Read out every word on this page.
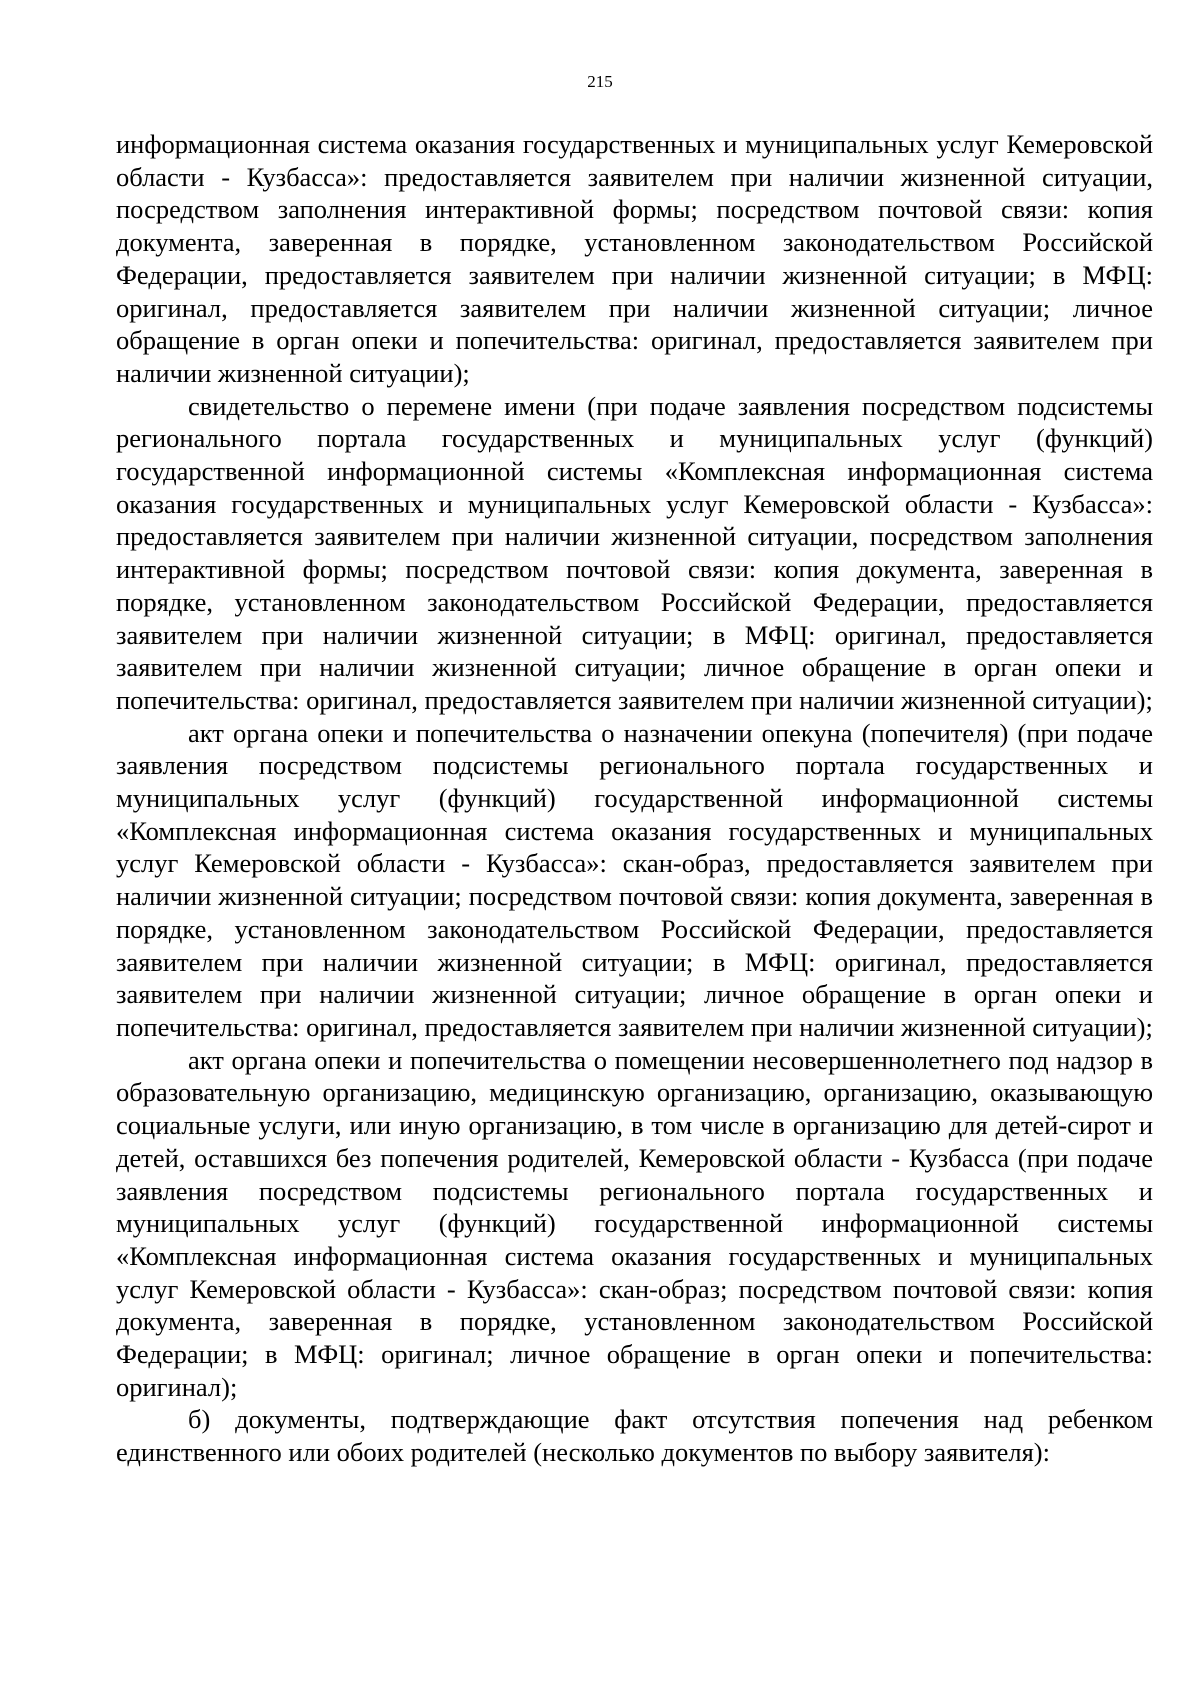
215

информационная система оказания государственных и муниципальных услуг Кемеровской области - Кузбасса»: предоставляется заявителем при наличии жизненной ситуации, посредством заполнения интерактивной формы; посредством почтовой связи: копия документа, заверенная в порядке, установленном законодательством Российской Федерации, предоставляется заявителем при наличии жизненной ситуации; в МФЦ: оригинал, предоставляется заявителем при наличии жизненной ситуации; личное обращение в орган опеки и попечительства: оригинал, предоставляется заявителем при наличии жизненной ситуации);

свидетельство о перемене имени (при подаче заявления посредством подсистемы регионального портала государственных и муниципальных услуг (функций) государственной информационной системы «Комплексная информационная система оказания государственных и муниципальных услуг Кемеровской области - Кузбасса»: предоставляется заявителем при наличии жизненной ситуации, посредством заполнения интерактивной формы; посредством почтовой связи: копия документа, заверенная в порядке, установленном законодательством Российской Федерации, предоставляется заявителем при наличии жизненной ситуации; в МФЦ: оригинал, предоставляется заявителем при наличии жизненной ситуации; личное обращение в орган опеки и попечительства: оригинал, предоставляется заявителем при наличии жизненной ситуации);

акт органа опеки и попечительства о назначении опекуна (попечителя) (при подаче заявления посредством подсистемы регионального портала государственных и муниципальных услуг (функций) государственной информационной системы «Комплексная информационная система оказания государственных и муниципальных услуг Кемеровской области - Кузбасса»: скан-образ, предоставляется заявителем при наличии жизненной ситуации; посредством почтовой связи: копия документа, заверенная в порядке, установленном законодательством Российской Федерации, предоставляется заявителем при наличии жизненной ситуации; в МФЦ: оригинал, предоставляется заявителем при наличии жизненной ситуации; личное обращение в орган опеки и попечительства: оригинал, предоставляется заявителем при наличии жизненной ситуации);

акт органа опеки и попечительства о помещении несовершеннолетнего под надзор в образовательную организацию, медицинскую организацию, организацию, оказывающую социальные услуги, или иную организацию, в том числе в организацию для детей-сирот и детей, оставшихся без попечения родителей, Кемеровской области - Кузбасса (при подаче заявления посредством подсистемы регионального портала государственных и муниципальных услуг (функций) государственной информационной системы «Комплексная информационная система оказания государственных и муниципальных услуг Кемеровской области - Кузбасса»: скан-образ; посредством почтовой связи: копия документа, заверенная в порядке, установленном законодательством Российской Федерации; в МФЦ: оригинал; личное обращение в орган опеки и попечительства: оригинал);

б) документы, подтверждающие факт отсутствия попечения над ребенком единственного или обоих родителей (несколько документов по выбору заявителя):
